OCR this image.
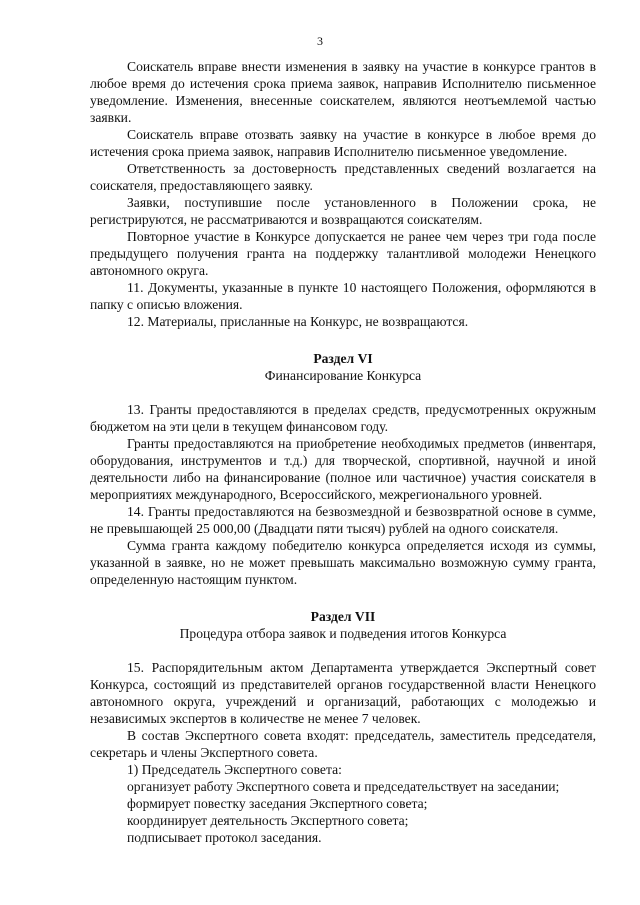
3

Соискатель вправе внести изменения в заявку на участие в конкурсе грантов в любое время до истечения срока приема заявок, направив Исполнителю письменное уведомление. Изменения, внесенные соискателем, являются неотъемлемой частью заявки.

Соискатель вправе отозвать заявку на участие в конкурсе в любое время до истечения срока приема заявок, направив Исполнителю письменное уведомление.

Ответственность за достоверность представленных сведений возлагается на соискателя, предоставляющего заявку.

Заявки, поступившие после установленного в Положении срока, не регистрируются, не рассматриваются и возвращаются соискателям.

Повторное участие в Конкурсе допускается не ранее чем через три года после предыдущего получения гранта на поддержку талантливой молодежи Ненецкого автономного округа.

11. Документы, указанные в пункте 10 настоящего Положения, оформляются в папку с описью вложения.

12. Материалы, присланные на Конкурс, не возвращаются.

Раздел VI
Финансирование Конкурса

13. Гранты предоставляются в пределах средств, предусмотренных окружным бюджетом на эти цели в текущем финансовом году.

Гранты предоставляются на приобретение необходимых предметов (инвентаря, оборудования, инструментов и т.д.) для творческой, спортивной, научной и иной деятельности либо на финансирование (полное или частичное) участия соискателя в мероприятиях международного, Всероссийского, межрегионального уровней.

14. Гранты предоставляются на безвозмездной и безвозвратной основе в сумме, не превышающей 25 000,00 (Двадцати пяти тысяч) рублей на одного соискателя.

Сумма гранта каждому победителю конкурса определяется исходя из суммы, указанной в заявке, но не может превышать максимально возможную сумму гранта, определенную настоящим пунктом.

Раздел VII
Процедура отбора заявок и подведения итогов Конкурса

15. Распорядительным актом Департамента утверждается Экспертный совет Конкурса, состоящий из представителей органов государственной власти Ненецкого автономного округа, учреждений и организаций, работающих с молодежью и независимых экспертов в количестве не менее 7 человек.

В состав Экспертного совета входят: председатель, заместитель председателя, секретарь и члены Экспертного совета.

1) Председатель Экспертного совета:

организует работу Экспертного совета и председательствует на заседании;

формирует повестку заседания Экспертного совета;

координирует деятельность Экспертного совета;

подписывает протокол заседания.
